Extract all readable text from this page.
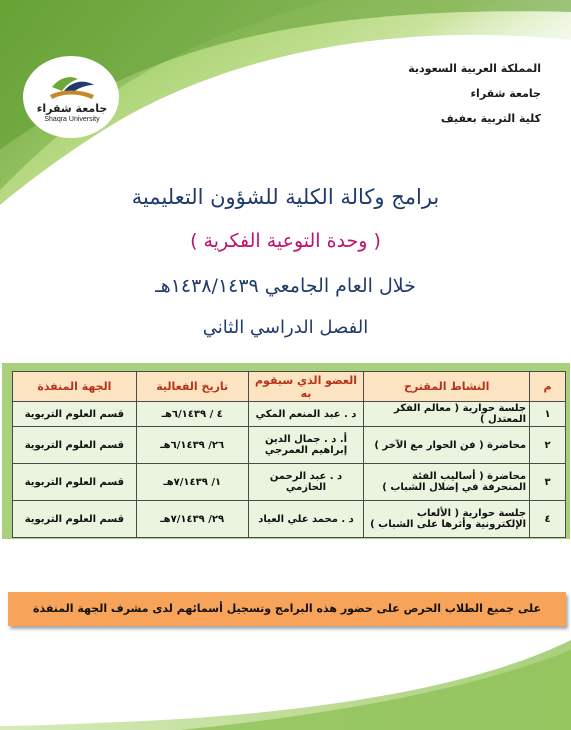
جامعة شقراء
Shaqra University
المملكة العربية السعودية
جامعة شقراء
كلية التربية بعفيف
برامج وكالة الكلية للشؤون التعليمية
( وحدة التوعية الفكرية )
خلال العام الجامعي ١٤٣٨/١٤٣٩هـ
الفصل الدراسي الثاني
م	النشاط المقترح	العضو الذي سيقوم به	تاريخ الفعالية	الجهة المنفذة
١	جلسة حوارية ( معالم الفكر المعتدل )	د . عبد المنعم المكي	٤ / ٦/١٤٣٩هـ	قسم العلوم التربوية
٢	محاضرة ( فن الحوار مع الآخر )	أ. د . جمال الدين إبراهيم العمرجي	٢٦/ ٦/١٤٣٩هـ	قسم العلوم التربوية
٣	محاضرة ( أساليب الفئة المنحرفة في إضلال الشباب )	د . عبد الرحمن الحازمي	١/ ٧/١٤٣٩هـ	قسم العلوم التربوية
٤	جلسة حوارية ( الألعاب الإلكترونية وأثرها على الشباب )	د . محمد علي العياد	٢٩/ ٧/١٤٣٩هـ	قسم العلوم التربوية
على جميع الطلاب الحرص على حضور هذه البرامج وتسجيل أسمائهم لدى مشرف الجهة المنفذة
